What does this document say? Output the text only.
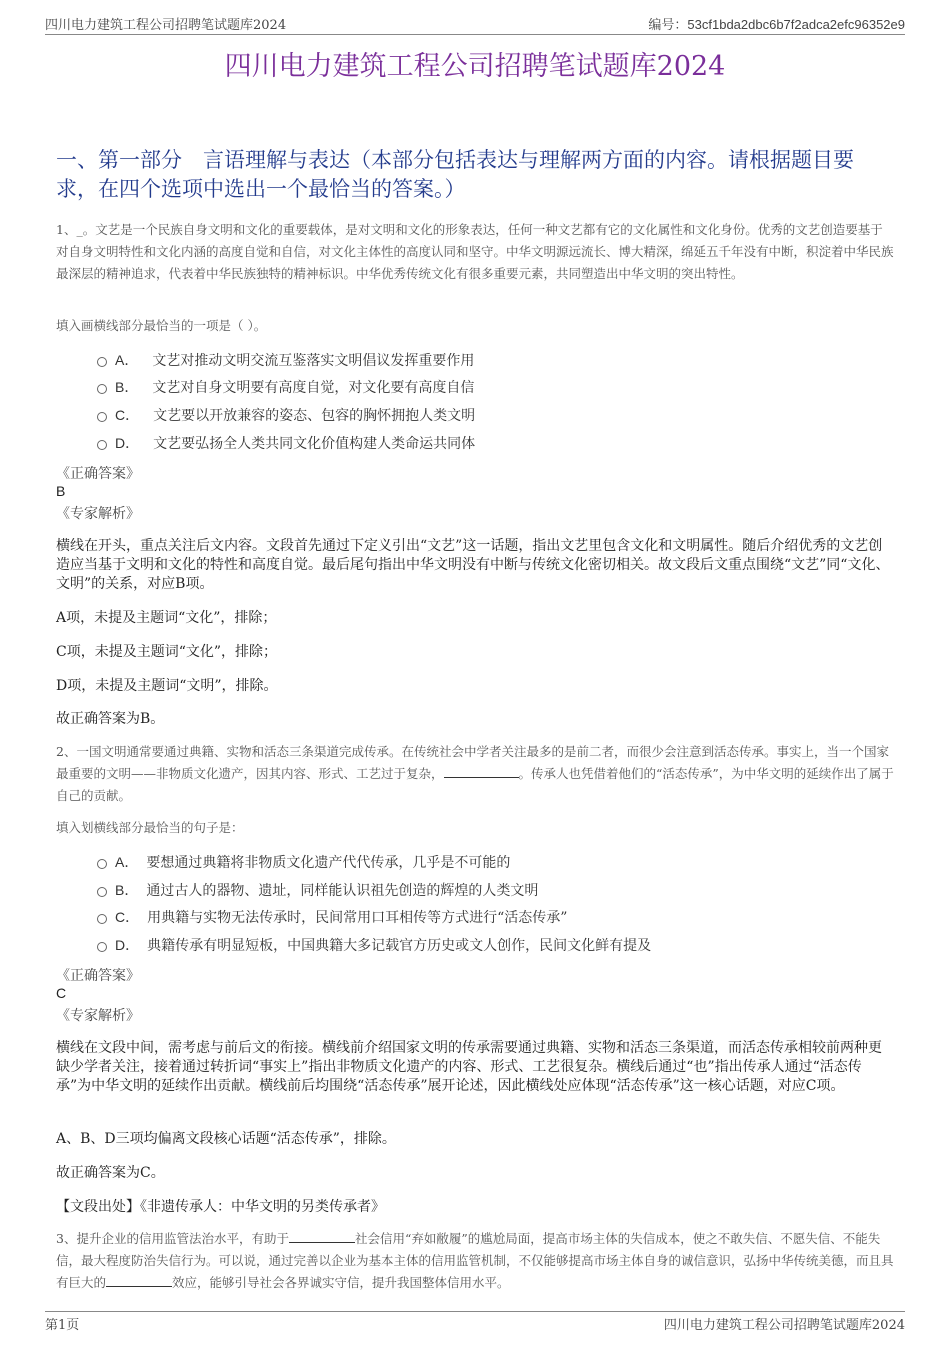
四川电力建筑工程公司招聘笔试题库2024	编号：53cf1bda2dbc6b7f2adca2efc96352e9
四川电力建筑工程公司招聘笔试题库2024
一、第一部分　言语理解与表达（本部分包括表达与理解两方面的内容。请根据题目要求，在四个选项中选出一个最恰当的答案。）
1、_。文艺是一个民族自身文明和文化的重要载体，是对文明和文化的形象表达，任何一种文艺都有它的文化属性和文化身份。优秀的文艺创造要基于对自身文明特性和文化内涵的高度自觉和自信，对文化主体性的高度认同和坚守。中华文明源远流长、博大精深，绵延五千年没有中断，积淀着中华民族最深层的精神追求，代表着中华民族独特的精神标识。中华优秀传统文化有很多重要元素，共同塑造出中华文明的突出特性。
填入画横线部分最恰当的一项是（ ）。
A． 文艺对推动文明交流互鉴落实文明倡议发挥重要作用
B． 文艺对自身文明要有高度自觉，对文化要有高度自信
C． 文艺要以开放兼容的姿态、包容的胸怀拥抱人类文明
D． 文艺要弘扬全人类共同文化价值构建人类命运共同体
《正确答案》
B
《专家解析》
横线在开头，重点关注后文内容。文段首先通过下定义引出“文艺”这一话题，指出文艺里包含文化和文明属性。随后介绍优秀的文艺创造应当基于文明和文化的特性和高度自觉。最后尾句指出中华文明没有中断与传统文化密切相关。故文段后文重点围绕“文艺”同“文化、文明”的关系，对应B项。
A项，未提及主题词“文化”，排除；
C项，未提及主题词“文化”，排除；
D项，未提及主题词“文明”，排除。
故正确答案为B。
2、一国文明通常要通过典籍、实物和活态三条渠道完成传承。在传统社会中学者关注最多的是前二者，而很少会注意到活态传承。事实上，当一个国家最重要的文明——非物质文化遗产，因其内容、形式、工艺过于复杂，	。传承人也凭借着他们的“活态传承”，为中华文明的延续作出了属于自己的贡献。
填入划横线部分最恰当的句子是：
A． 要想通过典籍将非物质文化遗产代代传承，几乎是不可能的
B． 通过古人的器物、遗址，同样能认识祖先创造的辉煌的人类文明
C． 用典籍与实物无法传承时，民间常用口耳相传等方式进行“活态传承”
D． 典籍传承有明显短板，中国典籍大多记载官方历史或文人创作，民间文化鲜有提及
《正确答案》
C
《专家解析》
横线在文段中间，需考虑与前后文的衔接。横线前介绍国家文明的传承需要通过典籍、实物和活态三条渠道，而活态传承相较前两种更缺少学者关注，接着通过转折词“事实上”指出非物质文化遗产的内容、形式、工艺很复杂。横线后通过“也”指出传承人通过“活态传承”为中华文明的延续作出贡献。横线前后均围绕“活态传承”展开论述，因此横线处应体现“活态传承”这一核心话题，对应C项。
A、B、D三项均偏离文段核心话题“活态传承”，排除。
故正确答案为C。
【文段出处】《非遗传承人：中华文明的另类传承者》
3、提升企业的信用监管法治水平，有助于	社会信用“弃如敝履”的尴尬局面，提高市场主体的失信成本，使之不敢失信、不愿失信、不能失信，最大程度防治失信行为。可以说，通过完善以企业为基本主体的信用监管机制，不仅能够提高市场主体自身的诚信意识，弘扬中华传统美德，而且具有巨大的	效应，能够引导社会各界诚实守信，提升我国整体信用水平。
第1页	四川电力建筑工程公司招聘笔试题库2024
